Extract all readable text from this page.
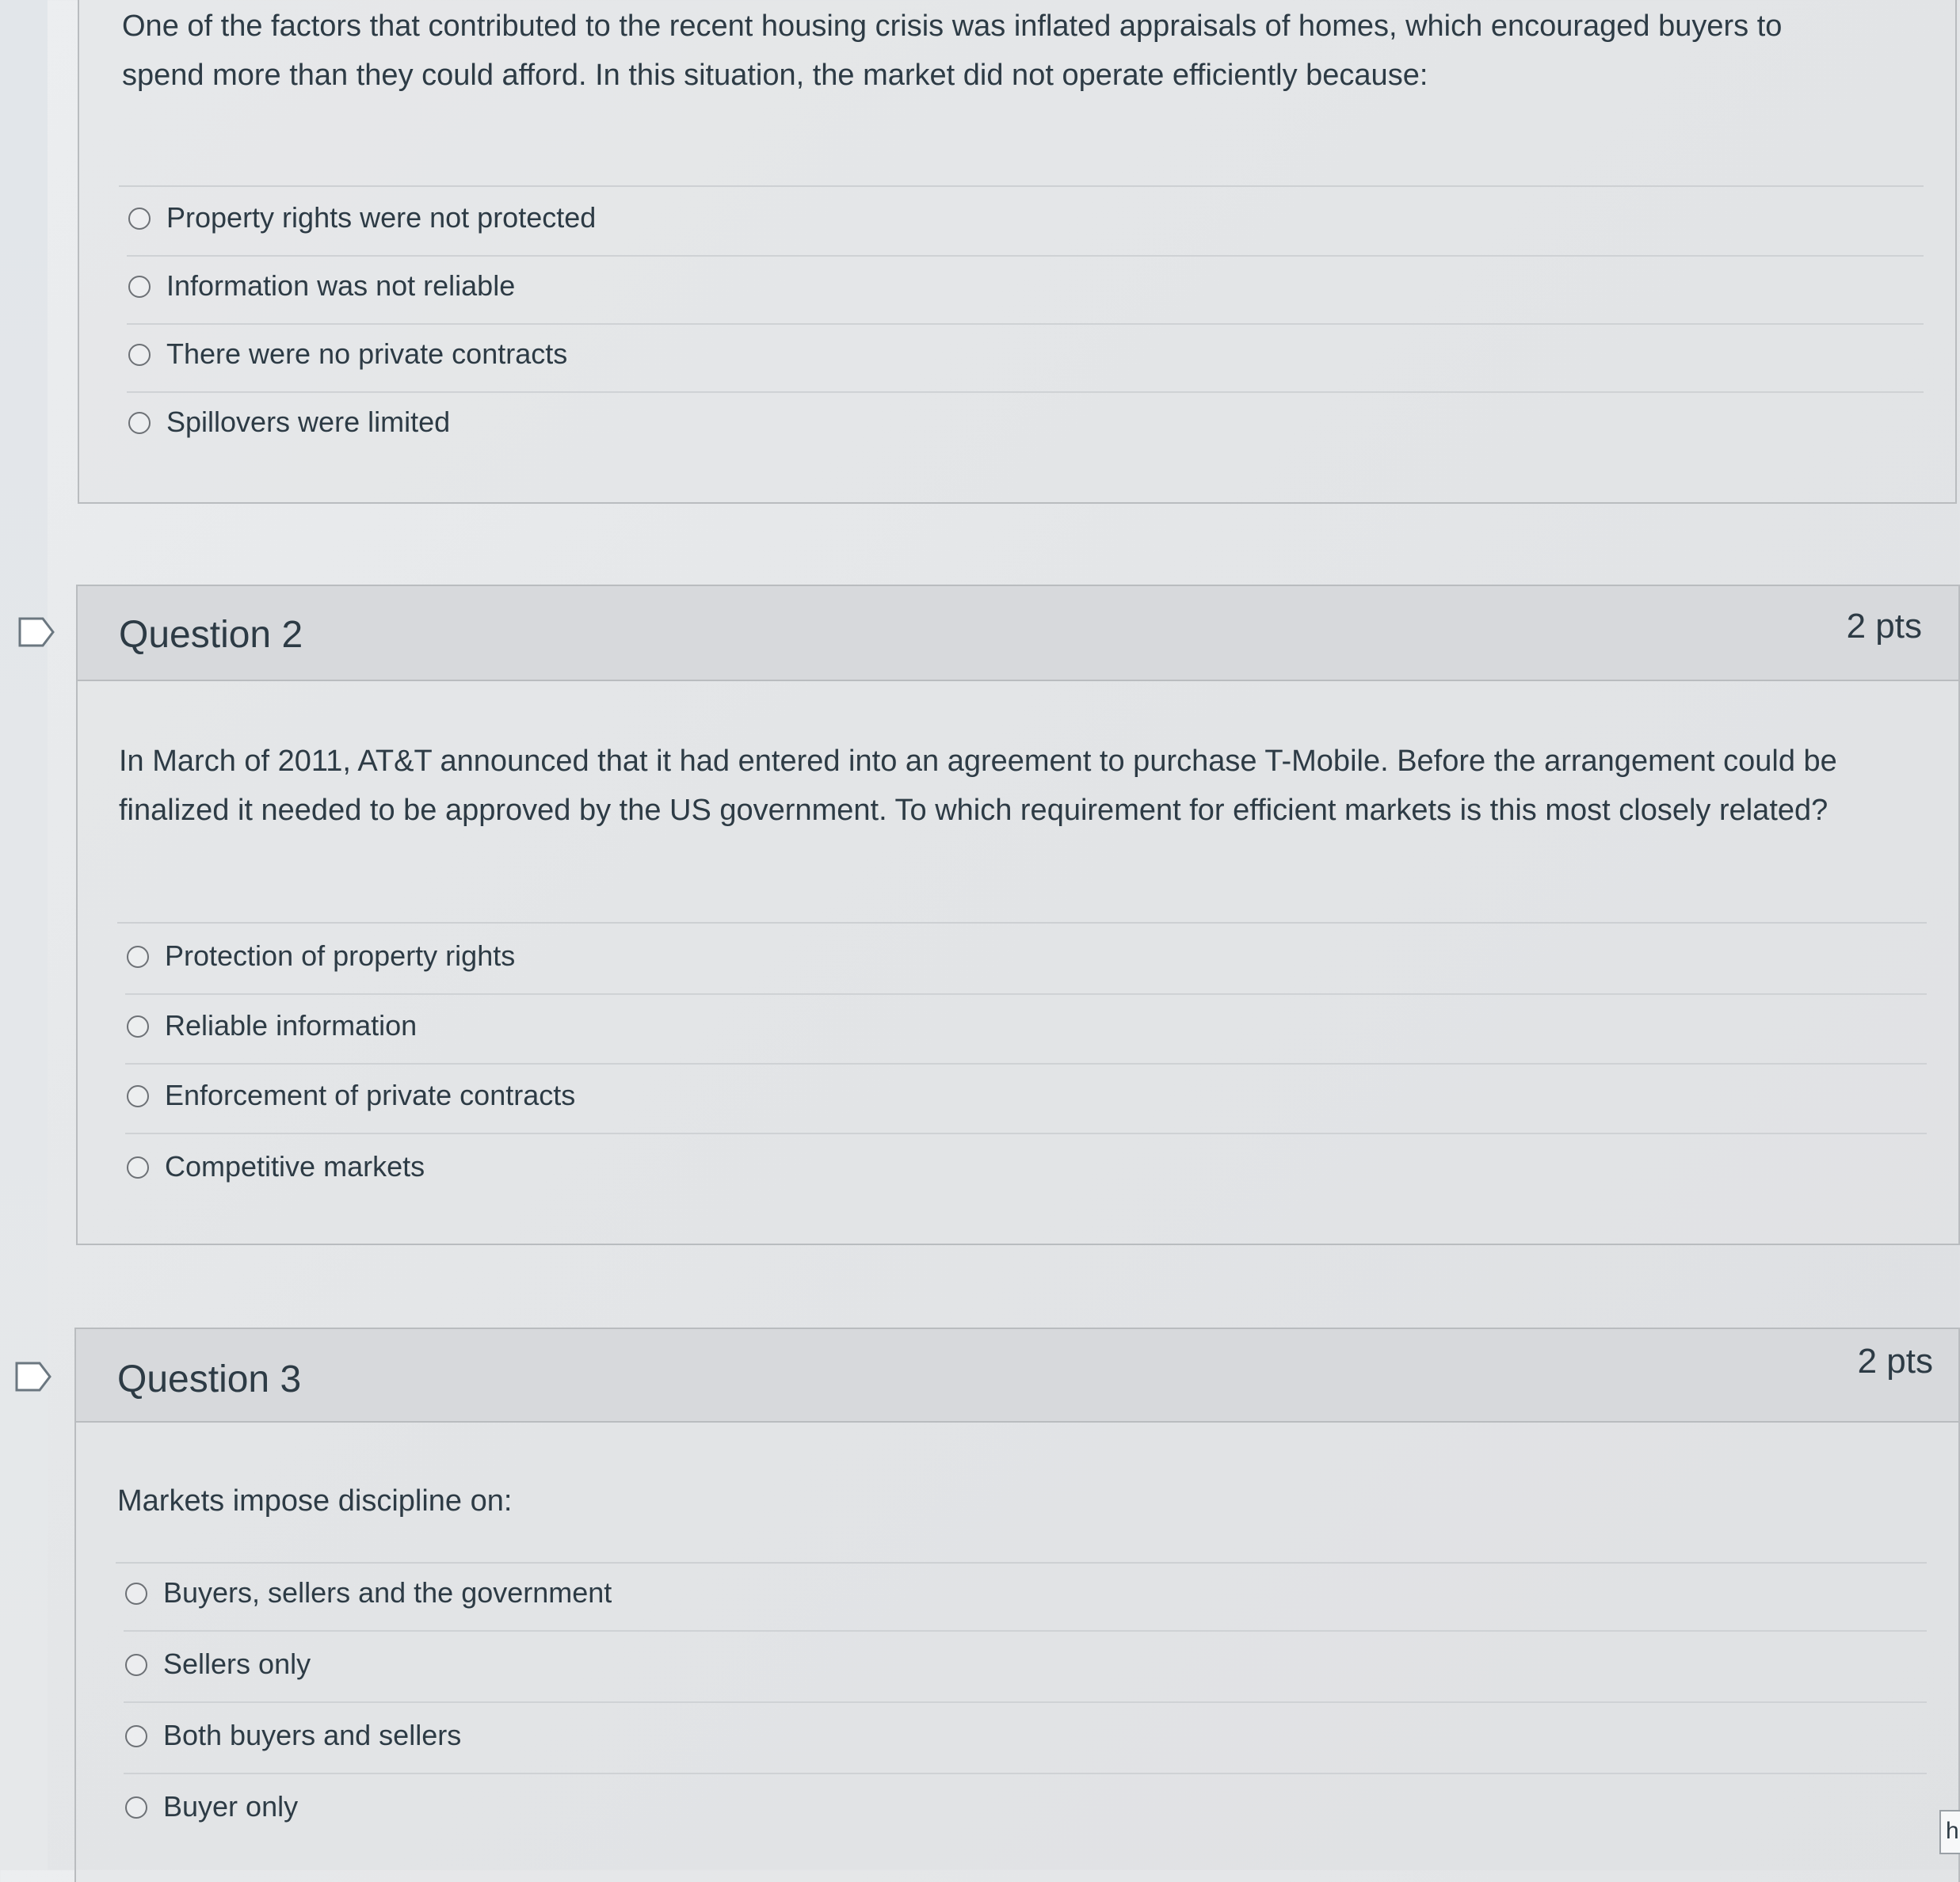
One of the factors that contributed to the recent housing crisis was inflated appraisals of homes, which encouraged buyers to
spend more than they could afford. In this situation, the market did not operate efficiently because:
Property rights were not protected
Information was not reliable
There were no private contracts
Spillovers were limited
Question 2	2 pts
In March of 2011, AT&T announced that it had entered into an agreement to purchase T-Mobile. Before the arrangement could be
finalized it needed to be approved by the US government. To which requirement for efficient markets is this most closely related?
Protection of property rights
Reliable information
Enforcement of private contracts
Competitive markets
Question 3	2 pts
Markets impose discipline on:
Buyers, sellers and the government
Sellers only
Both buyers and sellers
Buyer only
h
